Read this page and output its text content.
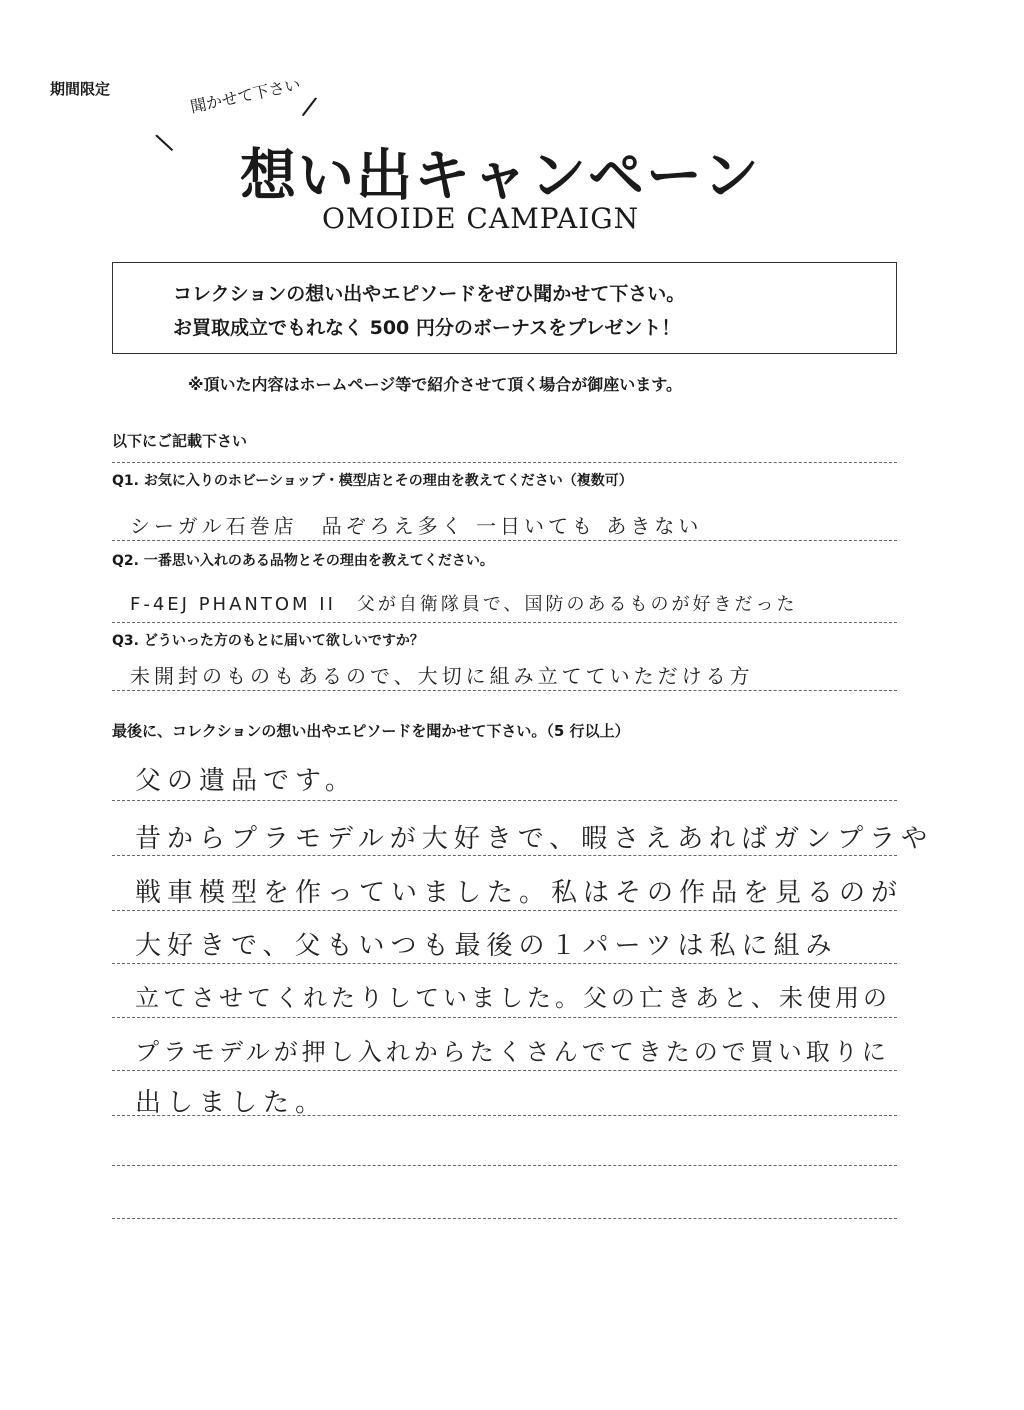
期間限定
\
聞かせて下さい
/
想い出キャンペーン
OMOIDE CAMPAIGN
コレクションの想い出やエピソードをぜひ聞かせて下さい。
お買取成立でもれなく 500 円分のボーナスをプレゼント！
※頂いた内容はホームページ等で紹介させて頂く場合が御座います。
以下にご記載下さい
Q1. お気に入りのホビーショップ・模型店とその理由を教えてください（複数可）
シーガル石巻店　品ぞろえ多く 一日いても あきない
Q2. 一番思い入れのある品物とその理由を教えてください。
F-4EJ PHANTOM II　父が自衛隊員で、国防のあるものが好きだった
Q3. どういった方のもとに届いて欲しいですか？
未開封のものもあるので、大切に組み立てていただける方
最後に、コレクションの想い出やエピソードを聞かせて下さい。（5 行以上）
父の遺品です。
昔からプラモデルが大好きで、暇さえあればガンプラや
戦車模型を作っていました。私はその作品を見るのが
大好きで、父もいつも最後の１パーツは私に組み
立てさせてくれたりしていました。父の亡きあと、未使用の
プラモデルが押し入れからたくさんでてきたので買い取りに
出しました。
